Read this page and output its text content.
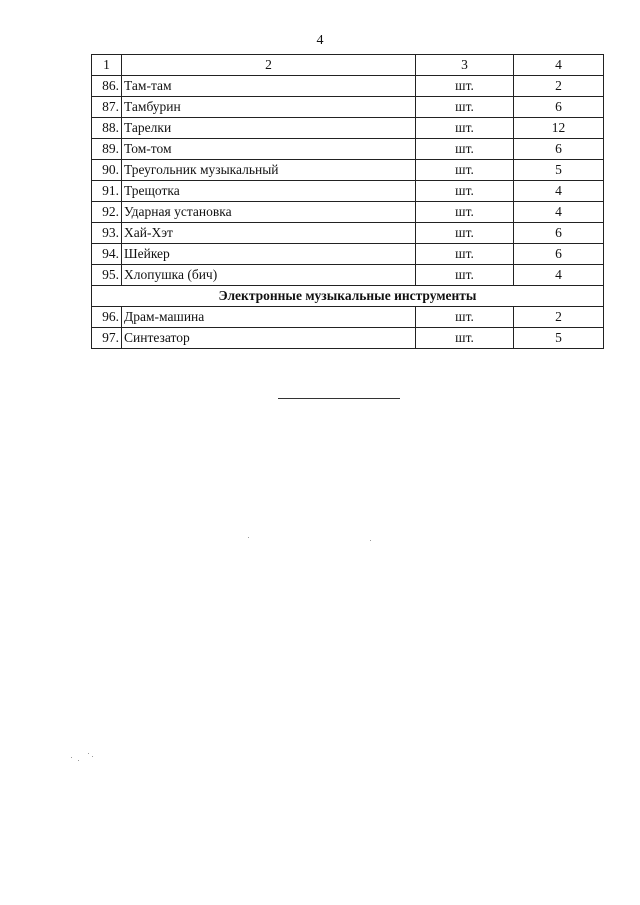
4
1	2	3	4
86.	Там-там	шт.	2
87.	Тамбурин	шт.	6
88.	Тарелки	шт.	12
89.	Том-том	шт.	6
90.	Треугольник музыкальный	шт.	5
91.	Трещотка	шт.	4
92.	Ударная установка	шт.	4
93.	Хай-Хэт	шт.	6
94.	Шейкер	шт.	6
95.	Хлопушка (бич)	шт.	4
Электронные музыкальные инструменты			
96.	Драм-машина	шт.	2
97.	Синтезатор	шт.	5
